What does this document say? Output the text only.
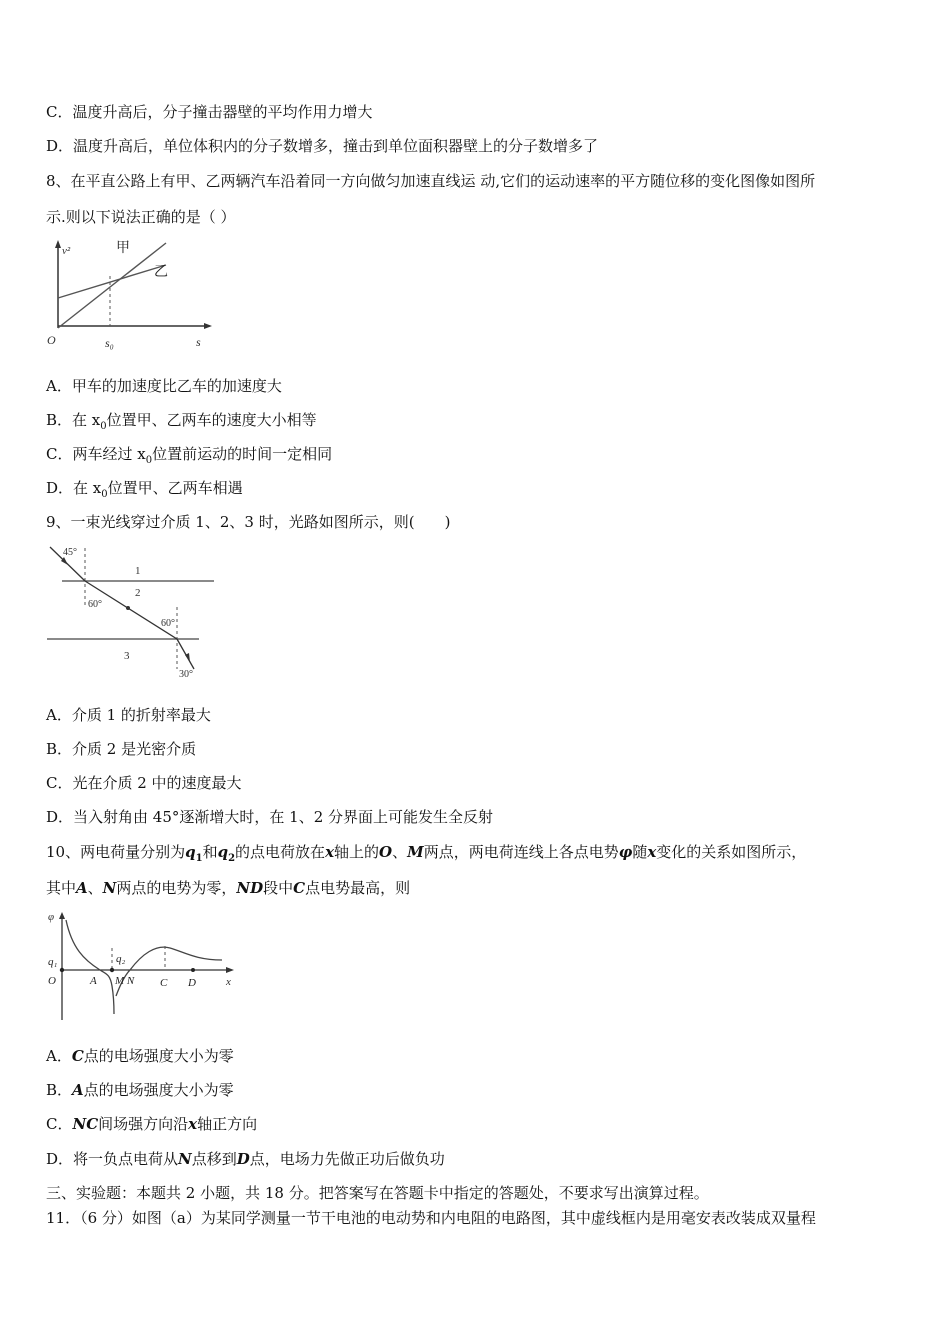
C．温度升高后，分子撞击器壁的平均作用力增大
D．温度升高后，单位体积内的分子数增多，撞击到单位面积器壁上的分子数增多了
8、在平直公路上有甲、乙两辆汽车沿着同一方向做匀加速直线运 动,它们的运动速率的平方随位移的变化图像如图所
示.则以下说法正确的是（ ）
v²	甲
乙
O	s₀	s
A．甲车的加速度比乙车的加速度大
B．在 $x_0$位置甲、乙两车的速度大小相等
C．两车经过 $x_0$位置前运动的时间一定相同
D．在 $x_0$位置甲、乙两车相遇
9、一束光线穿过介质 1、2、3 时，光路如图所示，则(　　)
45°
60°
60°
30°
1
2
3
A．介质 1 的折射率最大
B．介质 2 是光密介质
C．光在介质 2 中的速度最大
D．当入射角由 45°逐渐增大时，在 1、2 分界面上可能发生全反射
10、两电荷量分别为$q_1$和$q_2$的点电荷放在x轴上的O、M两点，两电荷连线上各点电势φ随x变化的关系如图所示，
其中A、N两点的电势为零，ND段中C点电势最高，则
φ
q₁	q₂
O	A M N C D	x
A．C点的电场强度大小为零
B．A点的电场强度大小为零
C．NC间场强方向沿x轴正方向
D．将一负点电荷从N点移到D点，电场力先做正功后做负功
三、实验题：本题共 2 小题，共 18 分。把答案写在答题卡中指定的答题处，不要求写出演算过程。
11．（6 分）如图（a）为某同学测量一节干电池的电动势和内电阻的电路图，其中虚线框内是用毫安表改装成双量程
